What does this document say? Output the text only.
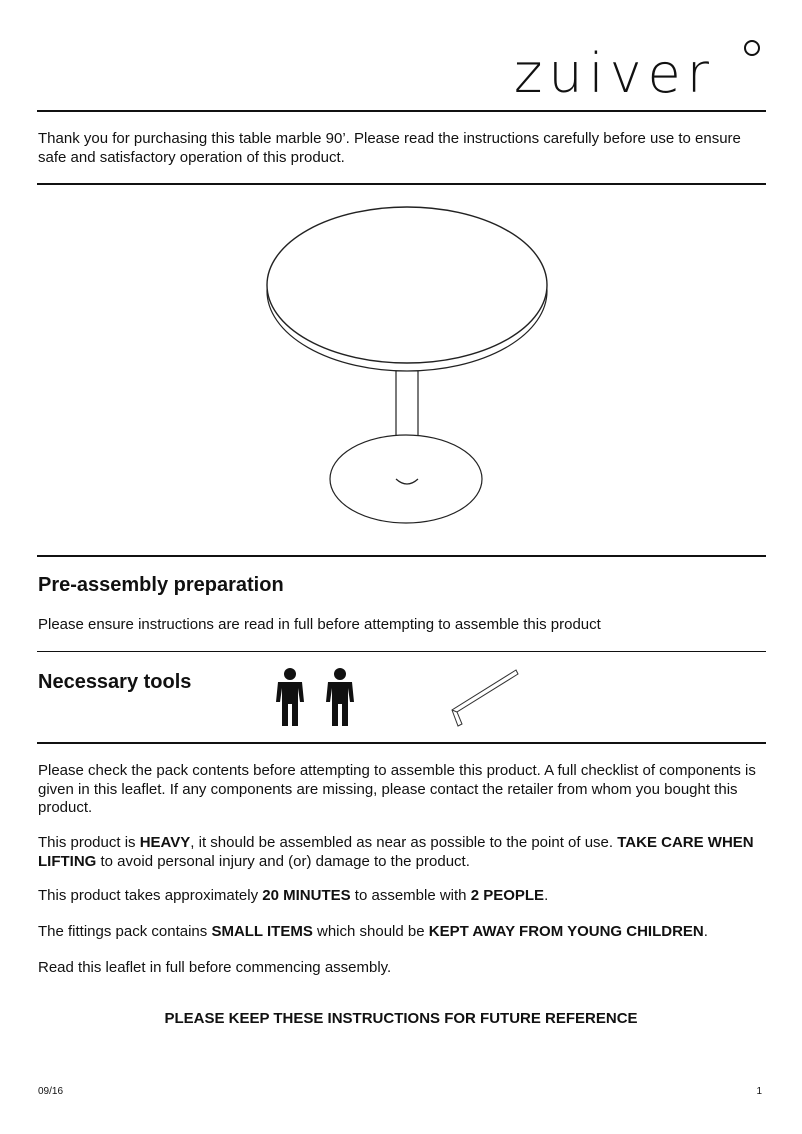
zuiver

Thank you for purchasing this table marble 90’. Please read the instructions carefully before use to ensure safe and satisfactory operation of this product.

Pre-assembly preparation

Please ensure instructions are read in full before attempting to assemble this product

Necessary tools

Please check the pack contents before attempting to assemble this product. A full checklist of components is given in this leaflet. If any components are missing, please contact the retailer from whom you bought this product.

This product is HEAVY, it should be assembled as near as possible to the point of use. TAKE CARE WHEN LIFTING to avoid personal injury and (or) damage to the product.

This product takes approximately 20 MINUTES to assemble with 2 PEOPLE.

The fittings pack contains SMALL ITEMS which should be KEPT AWAY FROM YOUNG CHILDREN.

Read this leaflet in full before commencing assembly.

PLEASE KEEP THESE INSTRUCTIONS FOR FUTURE REFERENCE

09/16	1
